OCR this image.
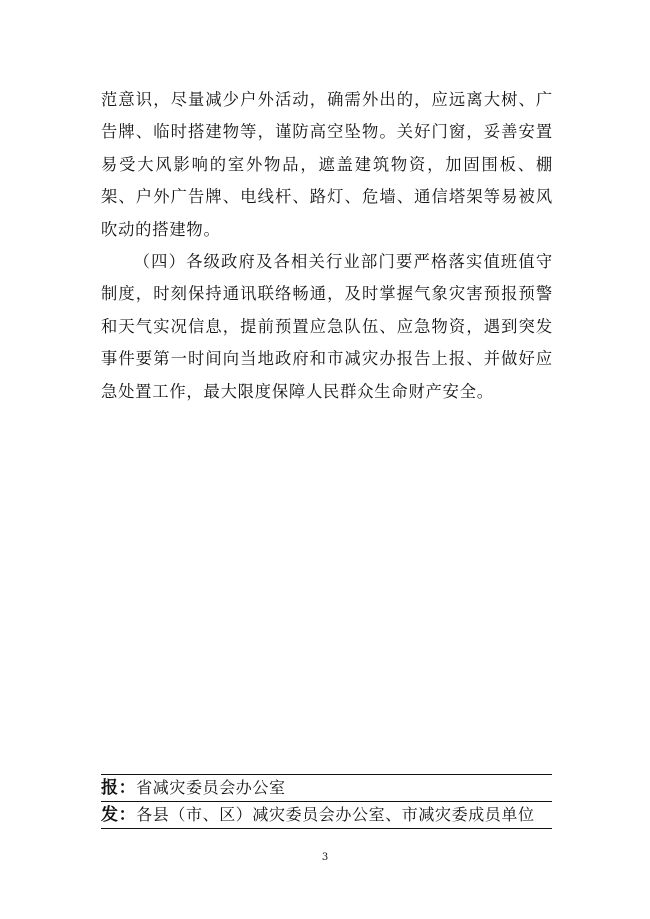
范意识，尽量减少户外活动，确需外出的，应远离大树、广告牌、临时搭建物等，谨防高空坠物。关好门窗，妥善安置易受大风影响的室外物品，遮盖建筑物资，加固围板、棚架、户外广告牌、电线杆、路灯、危墙、通信塔架等易被风吹动的搭建物。

（四）各级政府及各相关行业部门要严格落实值班值守制度，时刻保持通讯联络畅通，及时掌握气象灾害预报预警和天气实况信息，提前预置应急队伍、应急物资，遇到突发事件要第一时间向当地政府和市减灾办报告上报、并做好应急处置工作，最大限度保障人民群众生命财产安全。

报：省减灾委员会办公室
发：各县（市、区）减灾委员会办公室、市减灾委成员单位
3
